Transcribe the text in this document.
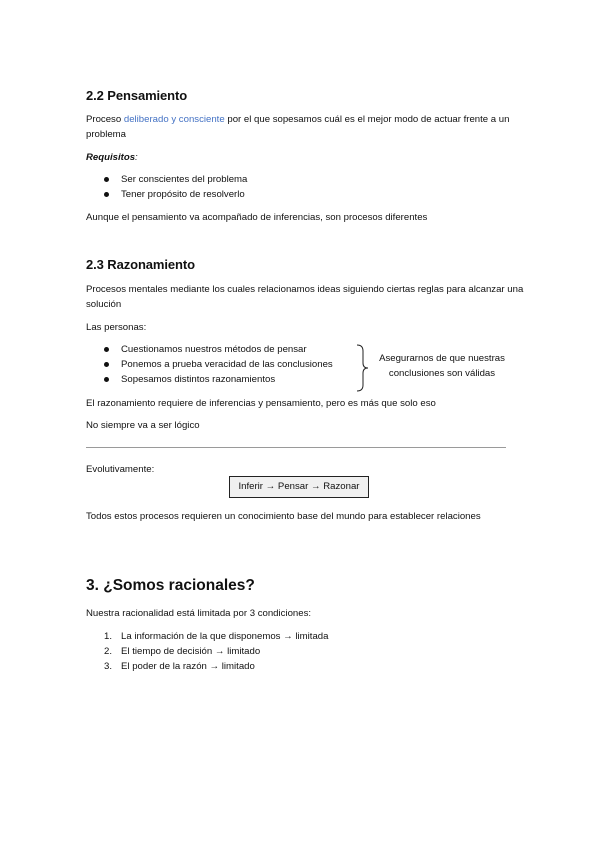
2.2 Pensamiento
Proceso deliberado y consciente por el que sopesamos cuál es el mejor modo de actuar frente a un problema
Requisitos:
Ser conscientes del problema
Tener propósito de resolverlo
Aunque el pensamiento va acompañado de inferencias, son procesos diferentes
2.3 Razonamiento
Procesos mentales mediante los cuales relacionamos ideas siguiendo ciertas reglas para alcanzar una solución
Las personas:
Cuestionamos nuestros métodos de pensar
Ponemos a prueba veracidad de las conclusiones
Sopesamos distintos razonamientos
Asegurarnos de que nuestras
conclusiones son válidas
El razonamiento requiere de inferencias y pensamiento, pero es más que solo eso
No siempre va a ser lógico
Evolutivamente:
Inferir → Pensar → Razonar
Todos estos procesos requieren un conocimiento base del mundo para establecer relaciones
3. ¿Somos racionales?
Nuestra racionalidad está limitada por 3 condiciones:
1. La información de la que disponemos → limitada
2. El tiempo de decisión → limitado
3. El poder de la razón → limitado
